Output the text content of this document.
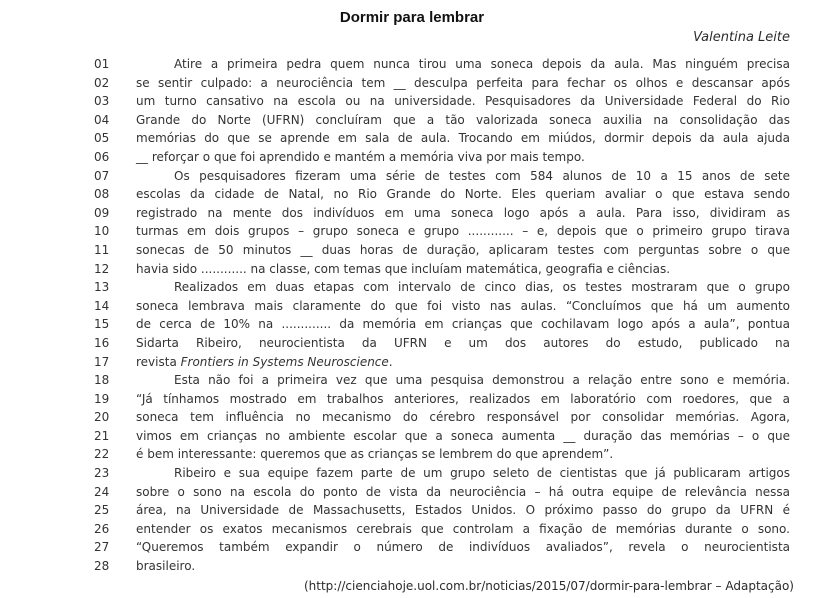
Dormir para lembrar
Valentina Leite
01	Atire a primeira pedra quem nunca tirou uma soneca depois da aula. Mas ninguém precisa
02	se sentir culpado: a neurociência tem __ desculpa perfeita para fechar os olhos e descansar após
03	um turno cansativo na escola ou na universidade. Pesquisadores da Universidade Federal do Rio
04	Grande do Norte (UFRN) concluíram que a tão valorizada soneca auxilia na consolidação das
05	memórias do que se aprende em sala de aula. Trocando em miúdos, dormir depois da aula ajuda
06	__ reforçar o que foi aprendido e mantém a memória viva por mais tempo.
07	Os pesquisadores fizeram uma série de testes com 584 alunos de 10 a 15 anos de sete
08	escolas da cidade de Natal, no Rio Grande do Norte. Eles queriam avaliar o que estava sendo
09	registrado na mente dos indivíduos em uma soneca logo após a aula. Para isso, dividiram as
10	turmas em dois grupos – grupo soneca e grupo ............ – e, depois que o primeiro grupo tirava
11	sonecas de 50 minutos __ duas horas de duração, aplicaram testes com perguntas sobre o que
12	havia sido ............ na classe, com temas que incluíam matemática, geografia e ciências.
13	Realizados em duas etapas com intervalo de cinco dias, os testes mostraram que o grupo
14	soneca lembrava mais claramente do que foi visto nas aulas. “Concluímos que há um aumento
15	de cerca de 10% na ............. da memória em crianças que cochilavam logo após a aula”, pontua
16	Sidarta Ribeiro, neurocientista da UFRN e um dos autores do estudo, publicado na
17	revista Frontiers in Systems Neuroscience.
18	Esta não foi a primeira vez que uma pesquisa demonstrou a relação entre sono e memória.
19	“Já tínhamos mostrado em trabalhos anteriores, realizados em laboratório com roedores, que a
20	soneca tem influência no mecanismo do cérebro responsável por consolidar memórias. Agora,
21	vimos em crianças no ambiente escolar que a soneca aumenta __ duração das memórias – o que
22	é bem interessante: queremos que as crianças se lembrem do que aprendem”.
23	Ribeiro e sua equipe fazem parte de um grupo seleto de cientistas que já publicaram artigos
24	sobre o sono na escola do ponto de vista da neurociência – há outra equipe de relevância nessa
25	área, na Universidade de Massachusetts, Estados Unidos. O próximo passo do grupo da UFRN é
26	entender os exatos mecanismos cerebrais que controlam a fixação de memórias durante o sono.
27	“Queremos também expandir o número de indivíduos avaliados”, revela o neurocientista
28	brasileiro.
(http://cienciahoje.uol.com.br/noticias/2015/07/dormir-para-lembrar – Adaptação)
